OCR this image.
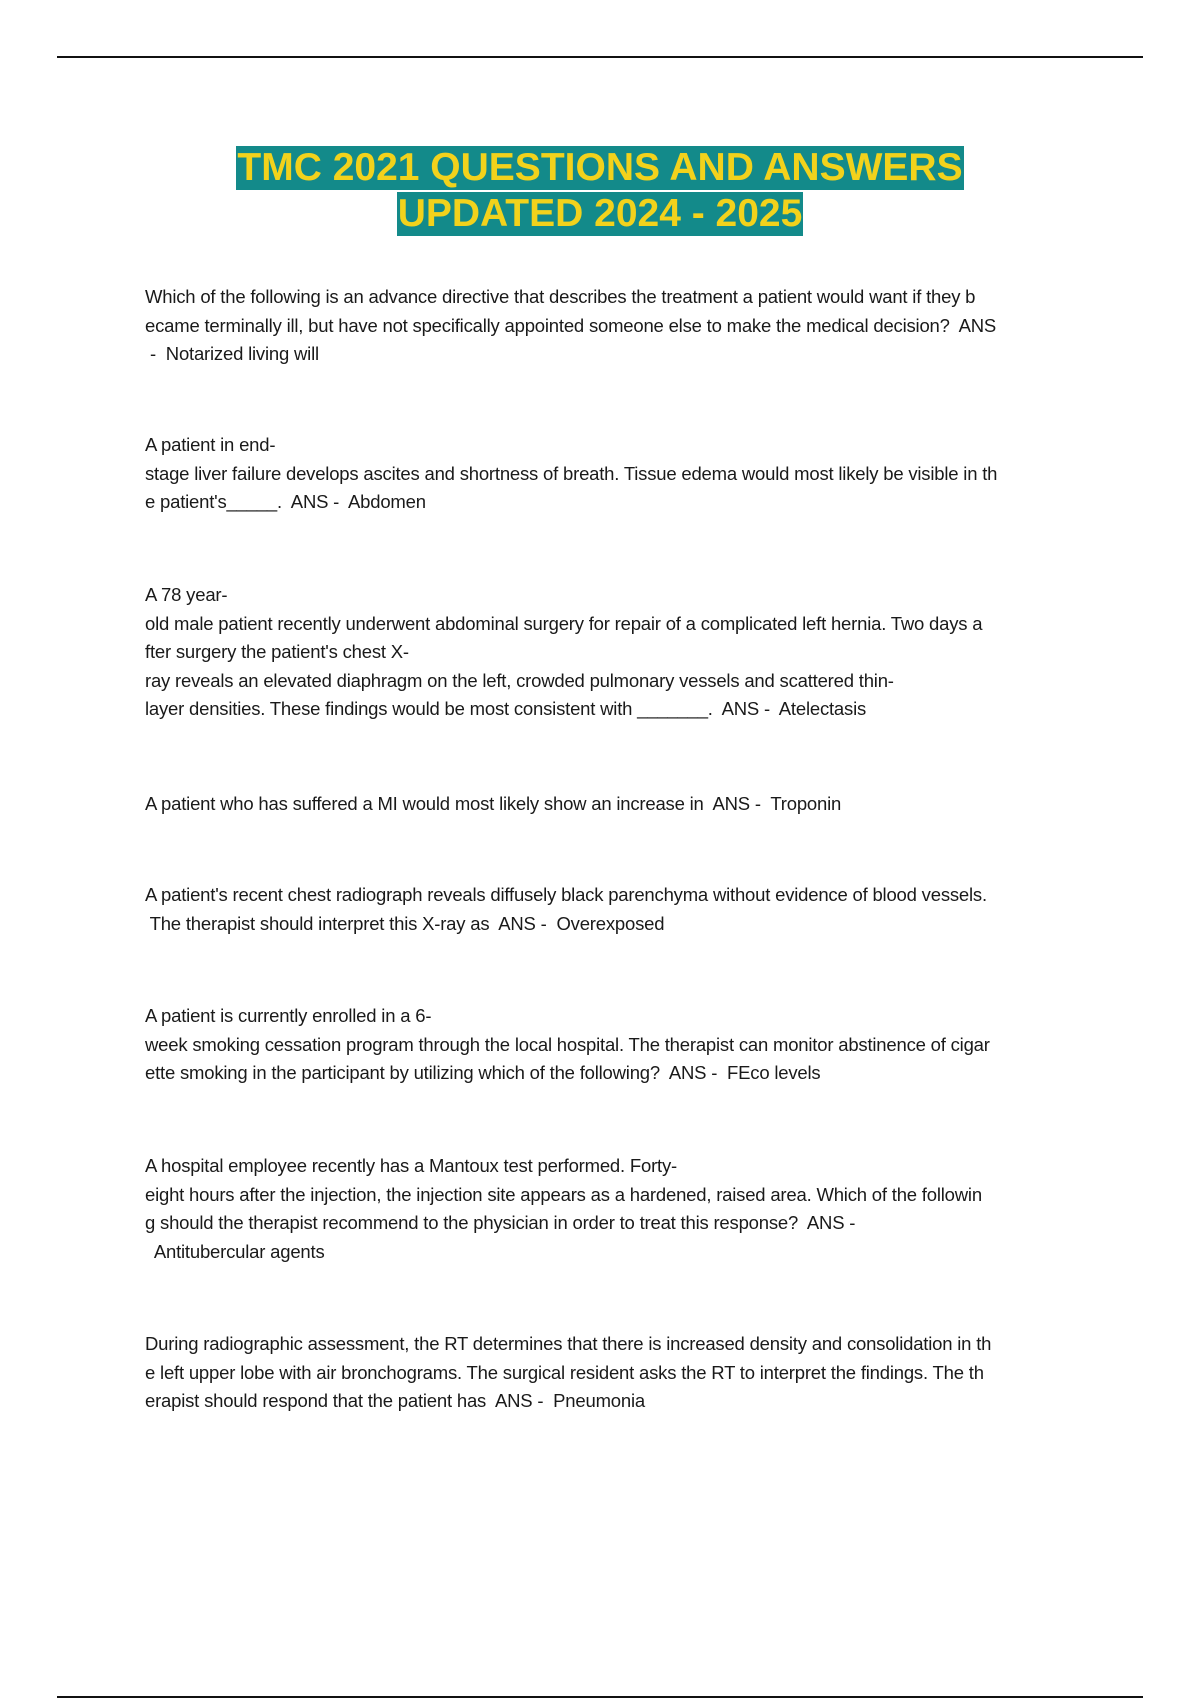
TMC 2021 QUESTIONS AND ANSWERS
UPDATED 2024 - 2025

Which of the following is an advance directive that describes the treatment a patient would want if they b
ecame terminally ill, but have not specifically appointed someone else to make the medical decision?  ANS
-  Notarized living will

A patient in end-
stage liver failure develops ascites and shortness of breath. Tissue edema would most likely be visible in th
e patient's_____.  ANS -  Abdomen

A 78 year-
old male patient recently underwent abdominal surgery for repair of a complicated left hernia. Two days a
fter surgery the patient's chest X-
ray reveals an elevated diaphragm on the left, crowded pulmonary vessels and scattered thin-
layer densities. These findings would be most consistent with _______.  ANS -  Atelectasis

A patient who has suffered a MI would most likely show an increase in  ANS -  Troponin

A patient's recent chest radiograph reveals diffusely black parenchyma without evidence of blood vessels.
The therapist should interpret this X-ray as  ANS -  Overexposed

A patient is currently enrolled in a 6-
week smoking cessation program through the local hospital. The therapist can monitor abstinence of cigar
ette smoking in the participant by utilizing which of the following?  ANS -  FEco levels

A hospital employee recently has a Mantoux test performed. Forty-
eight hours after the injection, the injection site appears as a hardened, raised area. Which of the followin
g should the therapist recommend to the physician in order to treat this response?  ANS -
Antitubercular agents

During radiographic assessment, the RT determines that there is increased density and consolidation in th
e left upper lobe with air bronchograms. The surgical resident asks the RT to interpret the findings. The th
erapist should respond that the patient has  ANS -  Pneumonia
